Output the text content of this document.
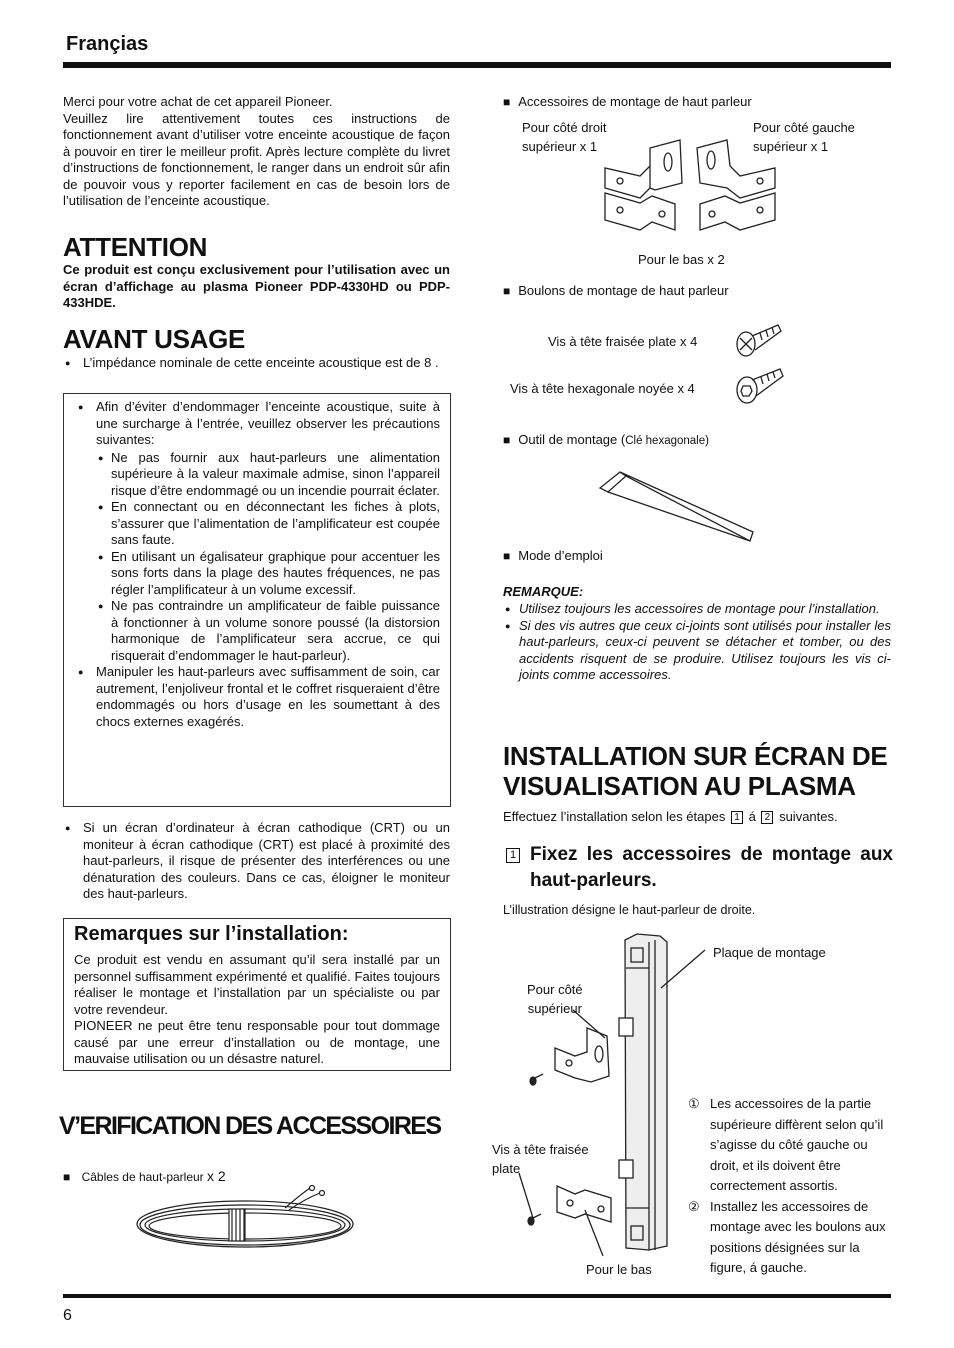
Françias
Merci pour votre achat de cet appareil Pioneer.
Veuillez lire attentivement toutes ces instructions de fonctionnement avant d’utiliser votre enceinte acoustique de façon à pouvoir en tirer le meilleur profit. Après lecture complète du livret d’instructions de fonctionnement, le ranger dans un endroit sûr afin de pouvoir vous y reporter facilement en cas de besoin lors de l’utilisation de l’enceinte acoustique.
ATTENTION
Ce produit est conçu exclusivement pour l’utilisation avec un écran d’affichage au plasma Pioneer PDP-4330HD ou PDP-433HDE.
AVANT USAGE
● L’impédance nominale de cette enceinte acoustique est de 8 .
● Afin d’éviter d’endommager l’enceinte acoustique, suite à une surcharge à l’entrée, veuillez observer les précautions suivantes:
● Ne pas fournir aux haut-parleurs une alimentation supérieure à la valeur maximale admise, sinon l’appareil risque d’être endommagé ou un incendie pourrait éclater.
● En connectant ou en déconnectant les fiches à plots, s’assurer que l’alimentation de l’amplificateur est coupée sans faute.
● En utilisant un égalisateur graphique pour accentuer les sons forts dans la plage des hautes fréquences, ne pas régler l’amplificateur à un volume excessif.
● Ne pas contraindre un amplificateur de faible puissance à fonctionner à un volume sonore poussé (la distorsion harmonique de l’amplificateur sera accrue, ce qui risquerait d’endommager le haut-parleur).
● Manipuler les haut-parleurs avec suffisamment de soin, car autrement, l’enjoliveur frontal et le coffret risqueraient d’être endommagés ou hors d’usage en les soumettant à des chocs externes exagérés.
● Si un écran d’ordinateur à écran cathodique (CRT) ou un moniteur à écran cathodique (CRT) est placé à proximité des haut-parleurs, il risque de présenter des interférences ou une dénaturation des couleurs. Dans ce cas, éloigner le moniteur des haut-parleurs.
Remarques sur l’installation:
Ce produit est vendu en assumant qu’il sera installé par un personnel suffisamment expérimenté et qualifié. Faites toujours réaliser le montage et l’installation par un spécialiste ou par votre revendeur.
PIONEER ne peut être tenu responsable pour tout dommage causé par une erreur d’installation ou de montage, une mauvaise utilisation ou un désastre naturel.
V’ERIFICATION DES ACCESSOIRES
■ Câbles de haut-parleur x 2
■ Accessoires de montage de haut parleur
Pour côté droit
supérieur x 1
Pour côté gauche
supérieur x 1
Pour le bas x 2
■ Boulons de montage de haut parleur
Vis à tête fraisée plate x 4
Vis à tête hexagonale noyée x 4
■ Outil de montage (Clé hexagonale)
■ Mode d’emploi
REMARQUE:
● Utilisez toujours les accessoires de montage pour l’installation.
● Si des vis autres que ceux ci-joints sont utilisés pour installer les haut-parleurs, ceux-ci peuvent se détacher et tomber, ou des accidents risquent de se produire. Utilisez toujours les vis ci-joints comme accessoires.
INSTALLATION SUR ÉCRAN DE VISUALISATION AU PLASMA
Effectuez l’installation selon les étapes 1 á 2 suivantes.
1 Fixez les accessoires de montage aux haut-parleurs.
L’illustration désigne le haut-parleur de droite.
Plaque de montage
Pour côté
supérieur
Vis à tête fraisée
plate
Pour le bas
① Les accessoires de la partie supérieure diffèrent selon qu’il s’agisse du côté gauche ou droit, et ils doivent être correctement assortis.
② Installez les accessoires de montage avec les boulons aux positions désignées sur la figure, á gauche.
6
